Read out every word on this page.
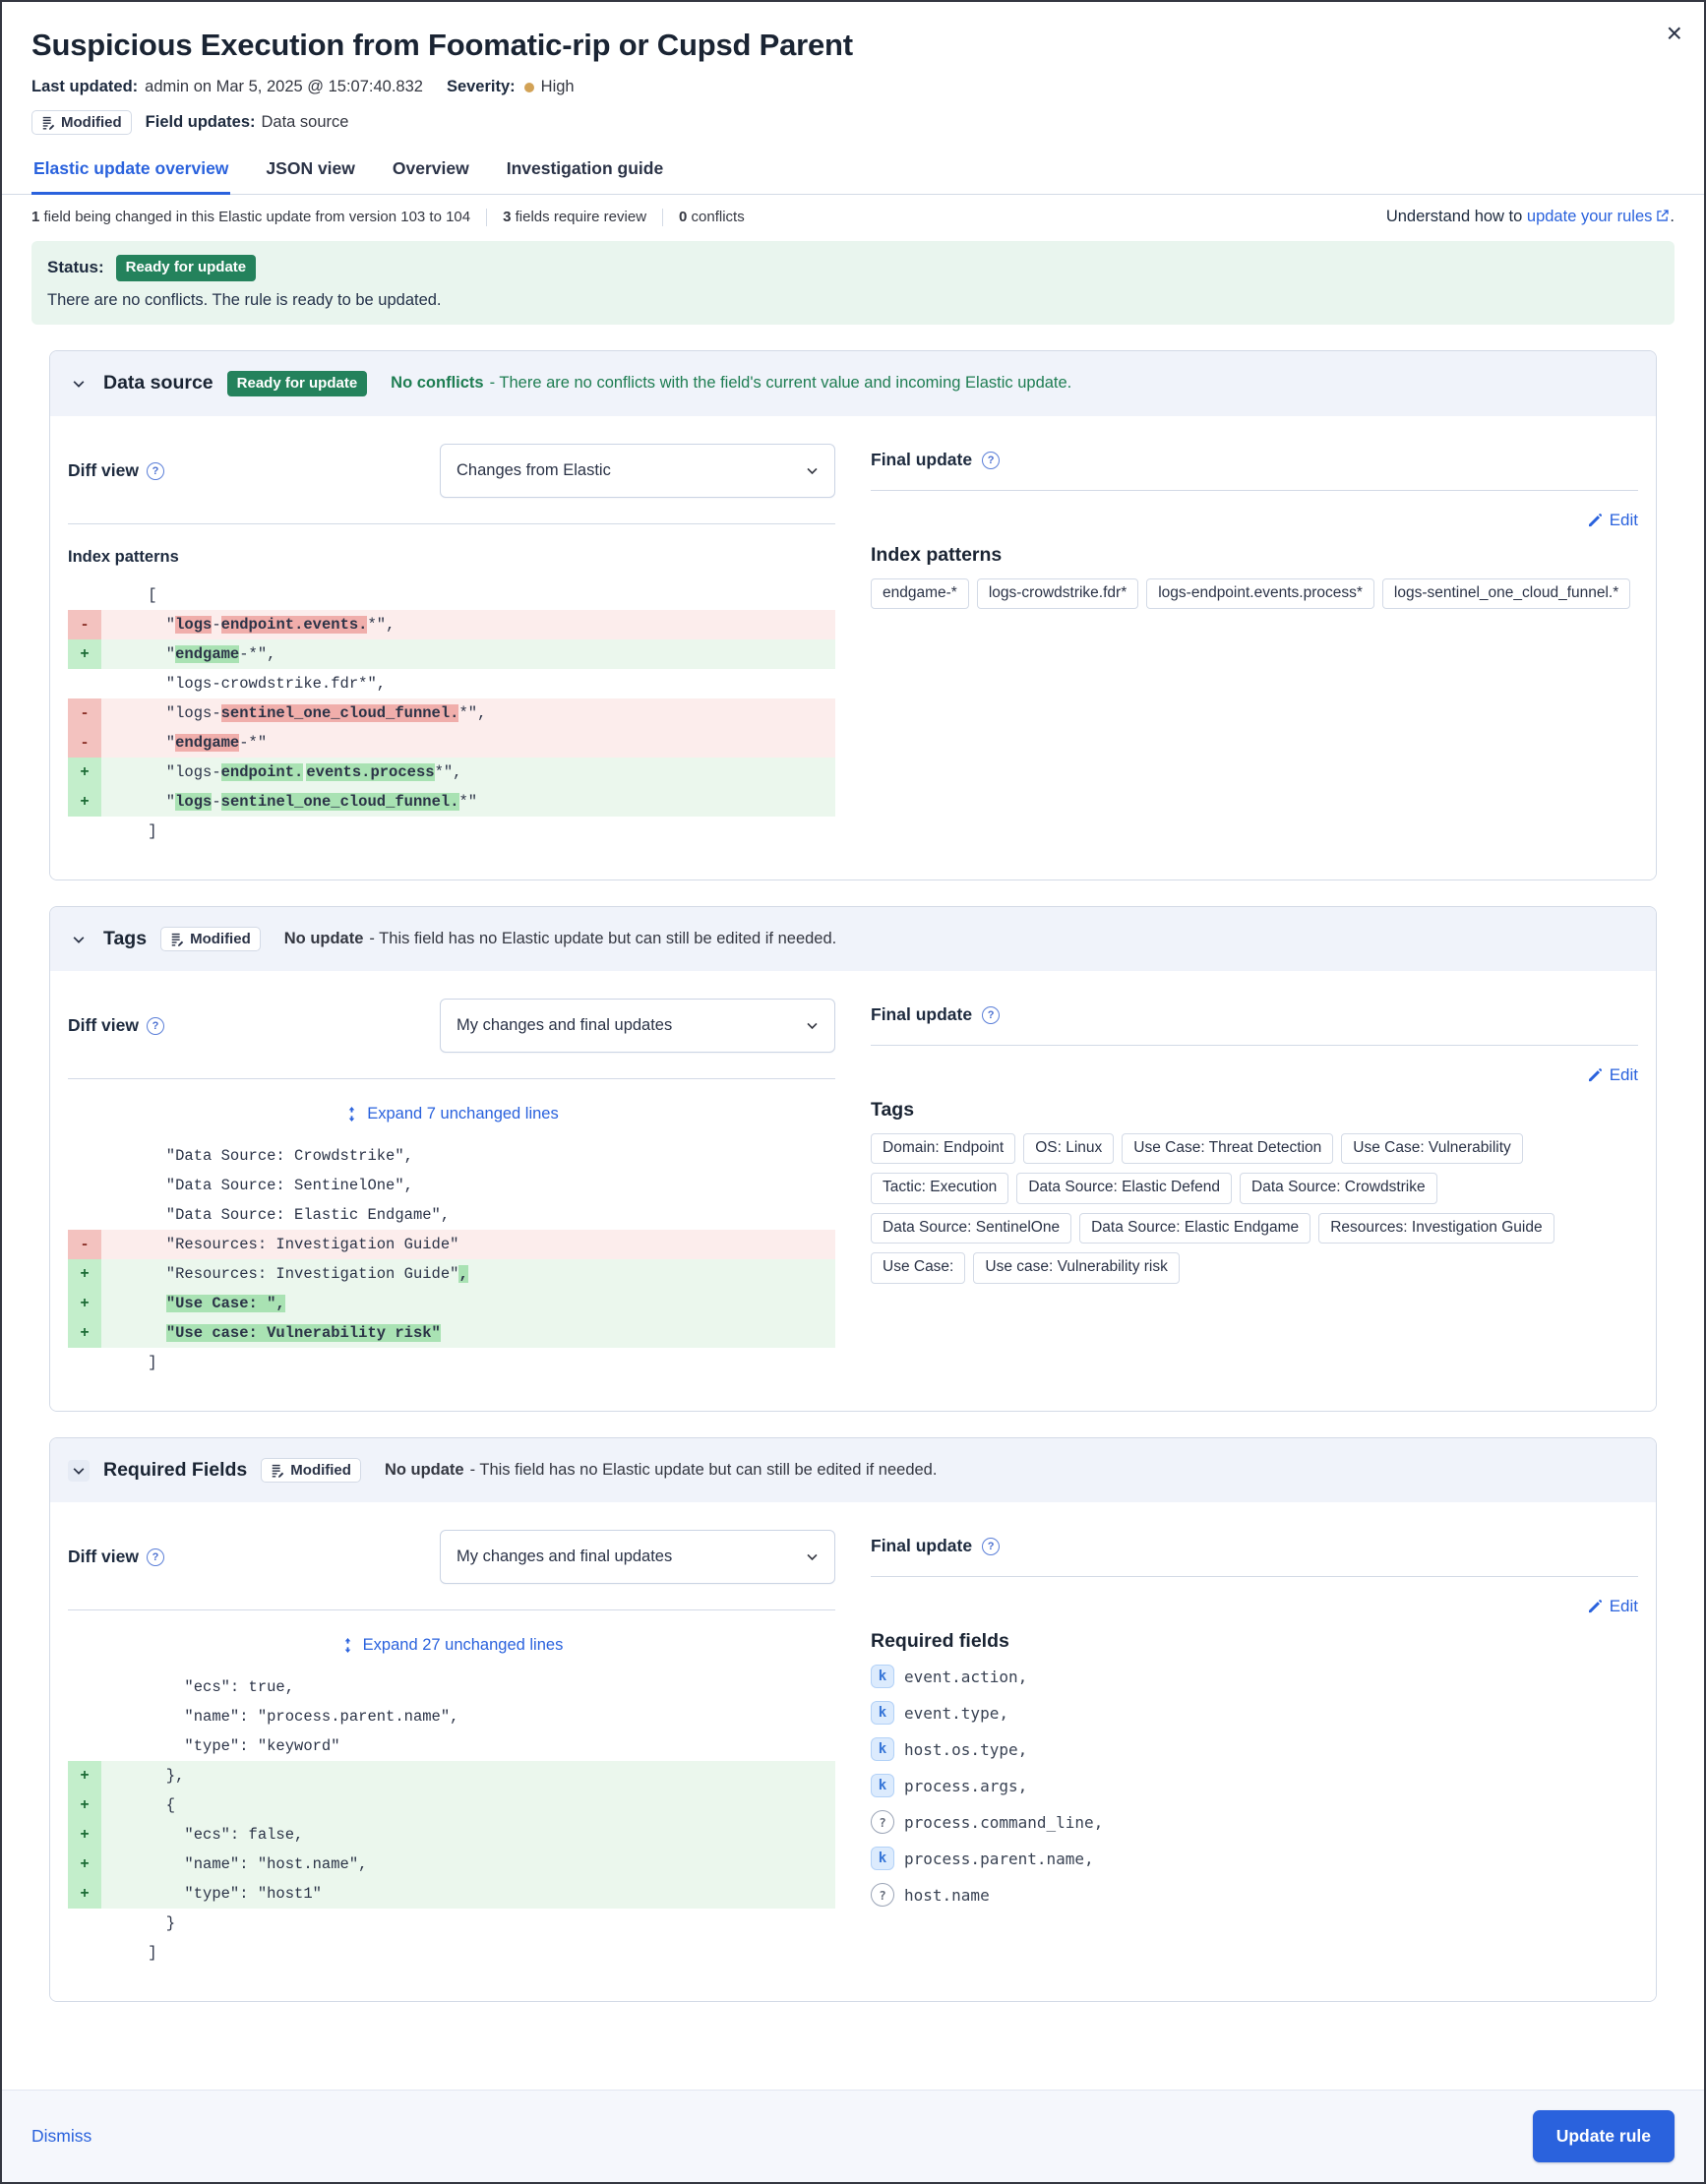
×
Suspicious Execution from Foomatic-rip or Cupsd Parent
Last updated: admin on Mar 5, 2025 @ 15:07:40.832 Severity: High
Modified Field updates: Data source
Elastic update overview JSON view Overview Investigation guide
1 field being changed in this Elastic update from version 103 to 104 3 fields require review 0 conflicts	Understand how to update your rules .
Status:	Ready for update
There are no conflicts. The rule is ready to be updated.
Data source	Ready for update	No conflicts - There are no conflicts with the field's current value and incoming Elastic update.
Diff view	?	Changes from Elastic
Index patterns
[
-	"logs-endpoint.events.*",
+	"endgame-*",
"logs-crowdstrike.fdr*",
-	"logs-sentinel_one_cloud_funnel.*",
-	"endgame-*"
+	"logs-endpoint. events.process*",
+	"logs-sentinel_one_cloud_funnel.*"
]
Final update	?
Edit
Index patterns
endgame-*	logs-crowdstrike.fdr*	logs-endpoint.events.process*	logs-sentinel_one_cloud_funnel.*
Tags	Modified No update - This field has no Elastic update but can still be edited if needed.
Diff view	?	My changes and final updates
Expand 7 unchanged lines
"Data Source: Crowdstrike",
"Data Source: SentinelOne",
"Data Source: Elastic Endgame",
-	"Resources: Investigation Guide"
+	"Resources: Investigation Guide",
+	"Use Case: ",
+	"Use case: Vulnerability risk"
]
Final update	?
Edit
Tags
Domain: Endpoint	OS: Linux	Use Case: Threat Detection	Use Case: Vulnerability
Tactic: Execution	Data Source: Elastic Defend	Data Source: Crowdstrike
Data Source: SentinelOne	Data Source: Elastic Endgame	Resources: Investigation Guide
Use Case:	Use case: Vulnerability risk
Required Fields	Modified No update - This field has no Elastic update but can still be edited if needed.
Diff view	?	My changes and final updates
Expand 27 unchanged lines
"ecs": true,
"name": "process.parent.name",
"type": "keyword"
+	},
+	{
+	"ecs": false,
+	"name": "host.name",
+	"type": "host1"
}
]
Final update	?
Edit
Required fields
k	event.action,
k	event.type,
k	host.os.type,
k	process.args,
?	process.command_line,
k	process.parent.name,
?	host.name
Dismiss	Update rule
